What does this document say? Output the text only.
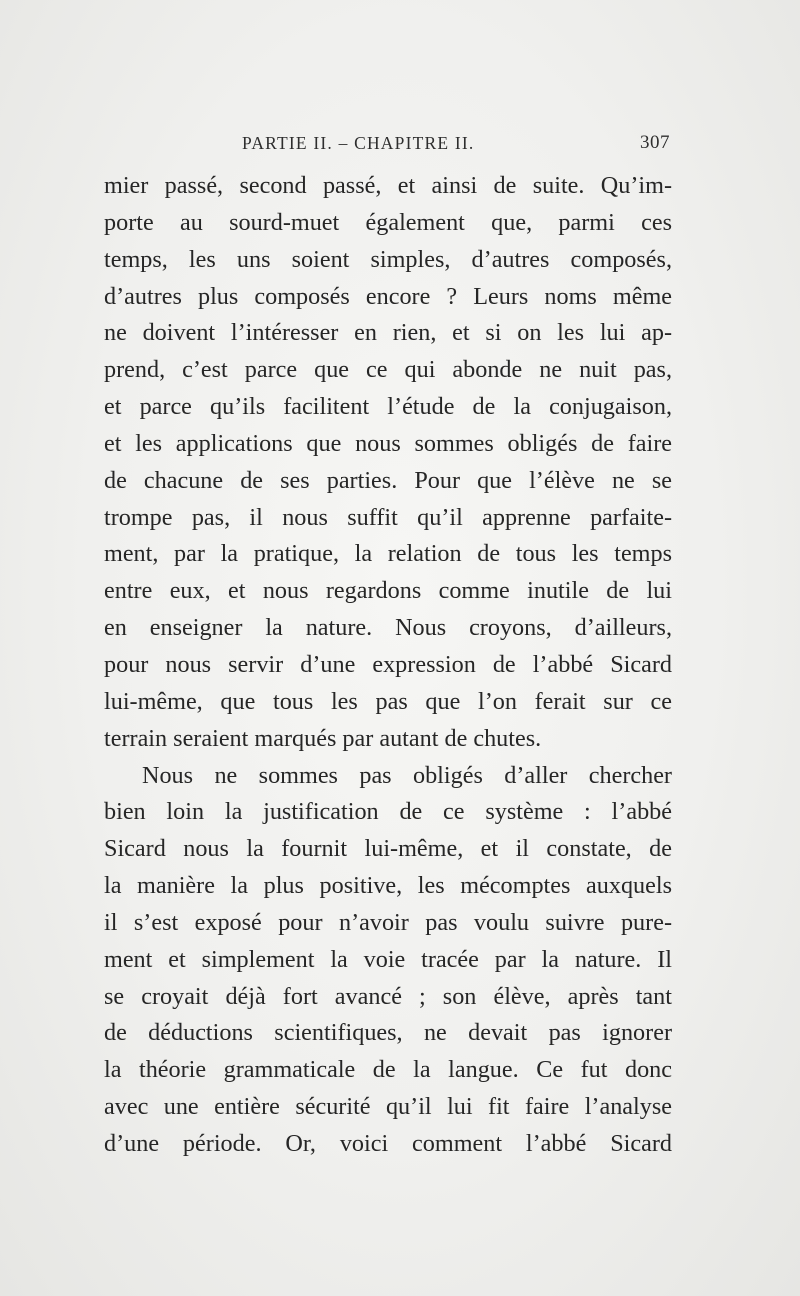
PARTIE II. – CHAPITRE II.	307
mier passé, second passé, et ainsi de suite. Qu’im-
porte au sourd-muet également que, parmi ces
temps, les uns soient simples, d’autres composés,
d’autres plus composés encore ? Leurs noms même
ne doivent l’intéresser en rien, et si on les lui ap-
prend, c’est parce que ce qui abonde ne nuit pas,
et parce qu’ils facilitent l’étude de la conjugaison,
et les applications que nous sommes obligés de faire
de chacune de ses parties. Pour que l’élève ne se
trompe pas, il nous suffit qu’il apprenne parfaite-
ment, par la pratique, la relation de tous les temps
entre eux, et nous regardons comme inutile de lui
en enseigner la nature. Nous croyons, d’ailleurs,
pour nous servir d’une expression de l’abbé Sicard
lui-même, que tous les pas que l’on ferait sur ce
terrain seraient marqués par autant de chutes.
Nous ne sommes pas obligés d’aller chercher
bien loin la justification de ce système : l’abbé
Sicard nous la fournit lui-même, et il constate, de
la manière la plus positive, les mécomptes auxquels
il s’est exposé pour n’avoir pas voulu suivre pure-
ment et simplement la voie tracée par la nature. Il
se croyait déjà fort avancé ; son élève, après tant
de déductions scientifiques, ne devait pas ignorer
la théorie grammaticale de la langue. Ce fut donc
avec une entière sécurité qu’il lui fit faire l’analyse
d’une période. Or, voici comment l’abbé Sicard
